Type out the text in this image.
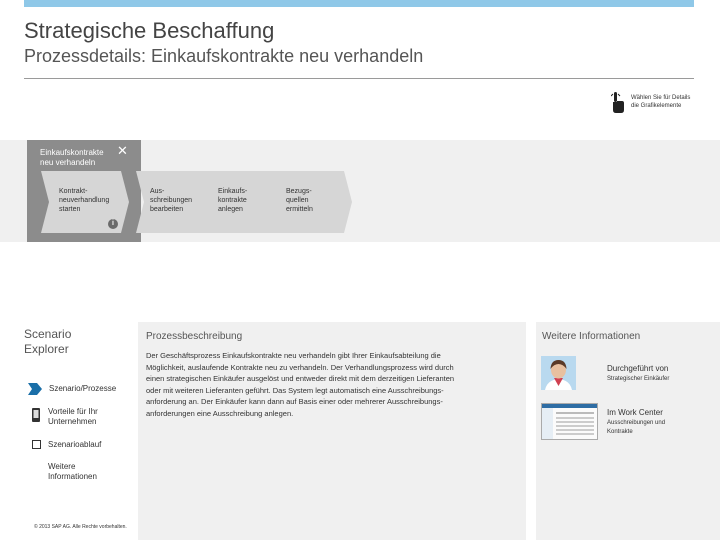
Strategische Beschaffung
Prozessdetails: Einkaufskontrakte neu verhandeln
Wählen Sie für Details
die Grafikelemente
Einkaufskontrakte
neu verhandeln
✕
Kontrakt-
neuverhandlung
starten
i
Aus-
schreibungen
bearbeiten
Einkaufs-
kontrakte
anlegen
Bezugs-
quellen
ermitteln
Scenario
Explorer
Szenario/Prozesse
Vorteile für Ihr
Unternehmen
Szenarioablauf
Weitere
Informationen
© 2013 SAP AG. Alle Rechte vorbehalten.
Prozessbeschreibung
Der Geschäftsprozess Einkaufskontrakte neu verhandeln gibt Ihrer Einkaufsabteilung die
Möglichkeit, auslaufende Kontrakte neu zu verhandeln. Der Verhandlungsprozess wird durch
einen strategischen Einkäufer ausgelöst und entweder direkt mit dem derzeitigen Lieferanten
oder mit weiteren Lieferanten geführt. Das System legt automatisch eine Ausschreibungs-
anforderung an. Der Einkäufer kann dann auf Basis einer oder mehrerer Ausschreibungs-
anforderungen eine Ausschreibung anlegen.
Weitere Informationen
Durchgeführt von
Strategischer Einkäufer
Im Work Center
Ausschreibungen und
Kontrakte
